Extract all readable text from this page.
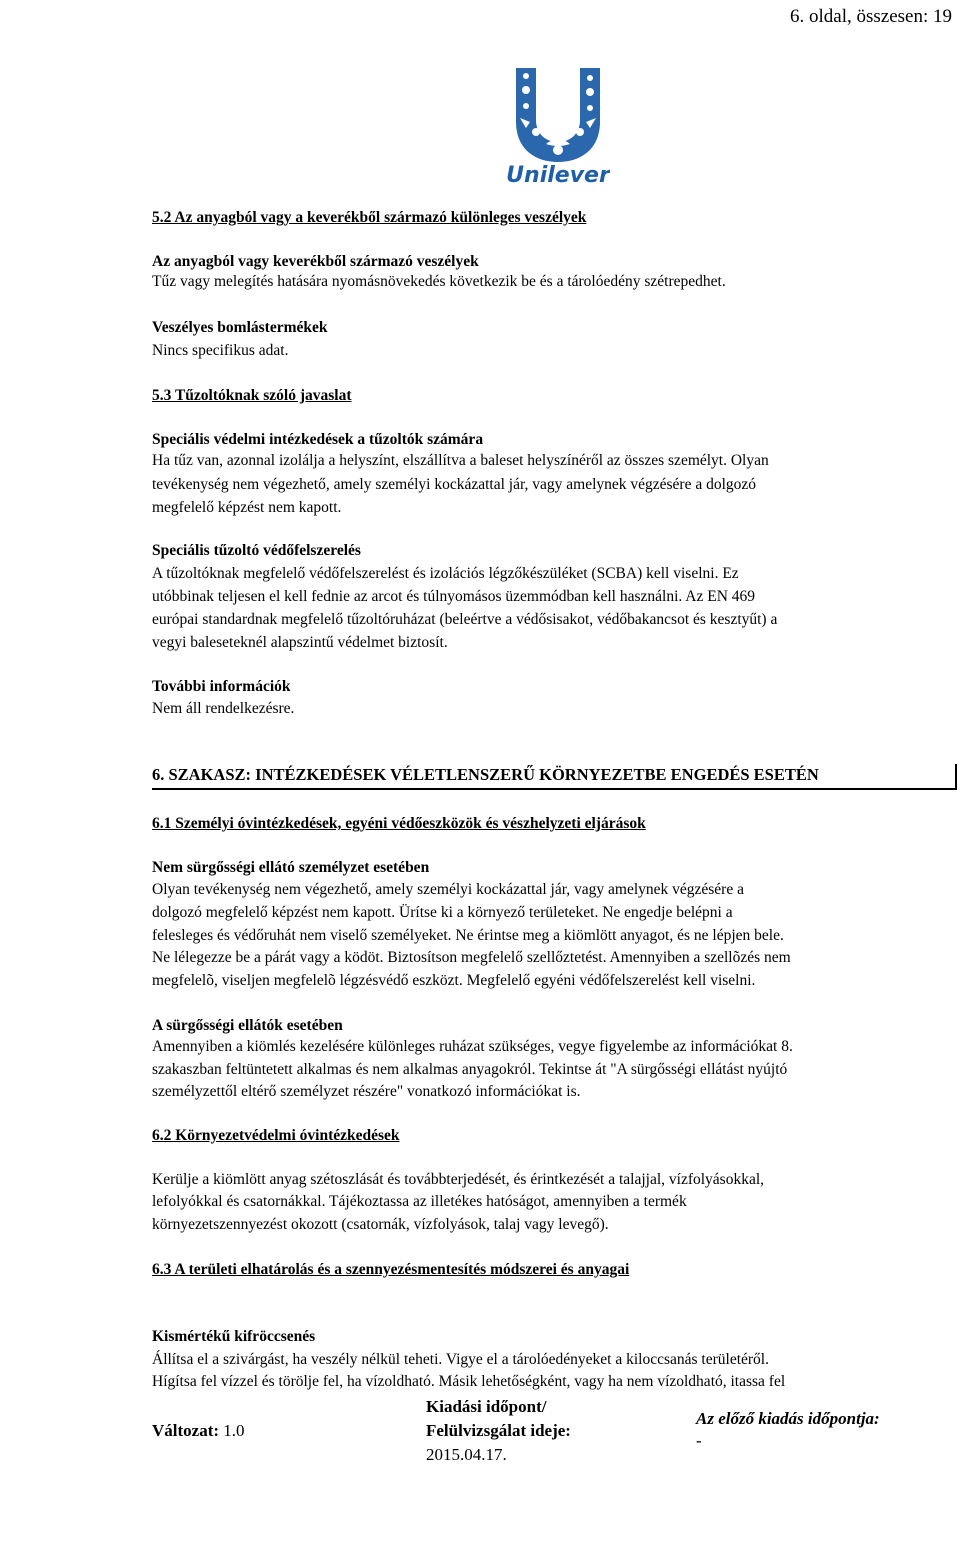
6. oldal, összesen: 19
Unilever
5.2 Az anyagból vagy a keverékből származó különleges veszélyek
Az anyagból vagy keverékből származó veszélyek
Tűz vagy melegítés hatására nyomásnövekedés következik be és a tárolóedény szétrepedhet.
Veszélyes bomlástermékek
Nincs specifikus adat.
5.3 Tűzoltóknak szóló javaslat
Speciális védelmi intézkedések a tűzoltók számára
Ha tűz van, azonnal izolálja a helyszínt, elszállítva a baleset helyszínéről az összes személyt. Olyan
tevékenység nem végezhető, amely személyi kockázattal jár, vagy amelynek végzésére a dolgozó
megfelelő képzést nem kapott.
Speciális tűzoltó védőfelszerelés
A tűzoltóknak megfelelő védőfelszerelést és izolációs légzőkészüléket (SCBA) kell viselni. Ez
utóbbinak teljesen el kell fednie az arcot és túlnyomásos üzemmódban kell használni. Az EN 469
európai standardnak megfelelő tűzoltóruházat (beleértve a védősisakot, védőbakancsot és kesztyűt) a
vegyi baleseteknél alapszintű védelmet biztosít.
További információk
Nem áll rendelkezésre.
6. SZAKASZ: INTÉZKEDÉSEK VÉLETLENSZERŰ KÖRNYEZETBE ENGEDÉS ESETÉN
6.1 Személyi óvintézkedések, egyéni védőeszközök és vészhelyzeti eljárások
Nem sürgősségi ellátó személyzet esetében
Olyan tevékenység nem végezhető, amely személyi kockázattal jár, vagy amelynek végzésére a
dolgozó megfelelő képzést nem kapott. Ürítse ki a környező területeket. Ne engedje belépni a
felesleges és védőruhát nem viselő személyeket. Ne érintse meg a kiömlött anyagot, és ne lépjen bele.
Ne lélegezze be a párát vagy a ködöt. Biztosítson megfelelő szellőztetést. Amennyiben a szellõzés nem
megfelelõ, viseljen megfelelõ légzésvédő eszközt. Megfelelő egyéni védőfelszerelést kell viselni.
A sürgősségi ellátók esetében
Amennyiben a kiömlés kezelésére különleges ruházat szükséges, vegye figyelembe az információkat 8.
szakaszban feltüntetett alkalmas és nem alkalmas anyagokról. Tekintse át "A sürgősségi ellátást nyújtó
személyzettől eltérő személyzet részére" vonatkozó információkat is.
6.2 Környezetvédelmi óvintézkedések
Kerülje a kiömlött anyag szétoszlását és továbbterjedését, és érintkezését a talajjal, vízfolyásokkal,
lefolyókkal és csatornákkal. Tájékoztassa az illetékes hatóságot, amennyiben a termék
környezetszennyezést okozott (csatornák, vízfolyások, talaj vagy levegő).
6.3 A területi elhatárolás és a szennyezésmentesítés módszerei és anyagai
Kismértékű kifröccsenés
Állítsa el a szivárgást, ha veszély nélkül teheti. Vigye el a tárolóedényeket a kiloccsanás területéről.
Hígítsa fel vízzel és törölje fel, ha vízoldható. Másik lehetőségként, vagy ha nem vízoldható, itassa fel
Változat: 1.0
Kiadási időpont/
Felülvizsgálat ideje:
2015.04.17.
Az előző kiadás időpontja:
-
